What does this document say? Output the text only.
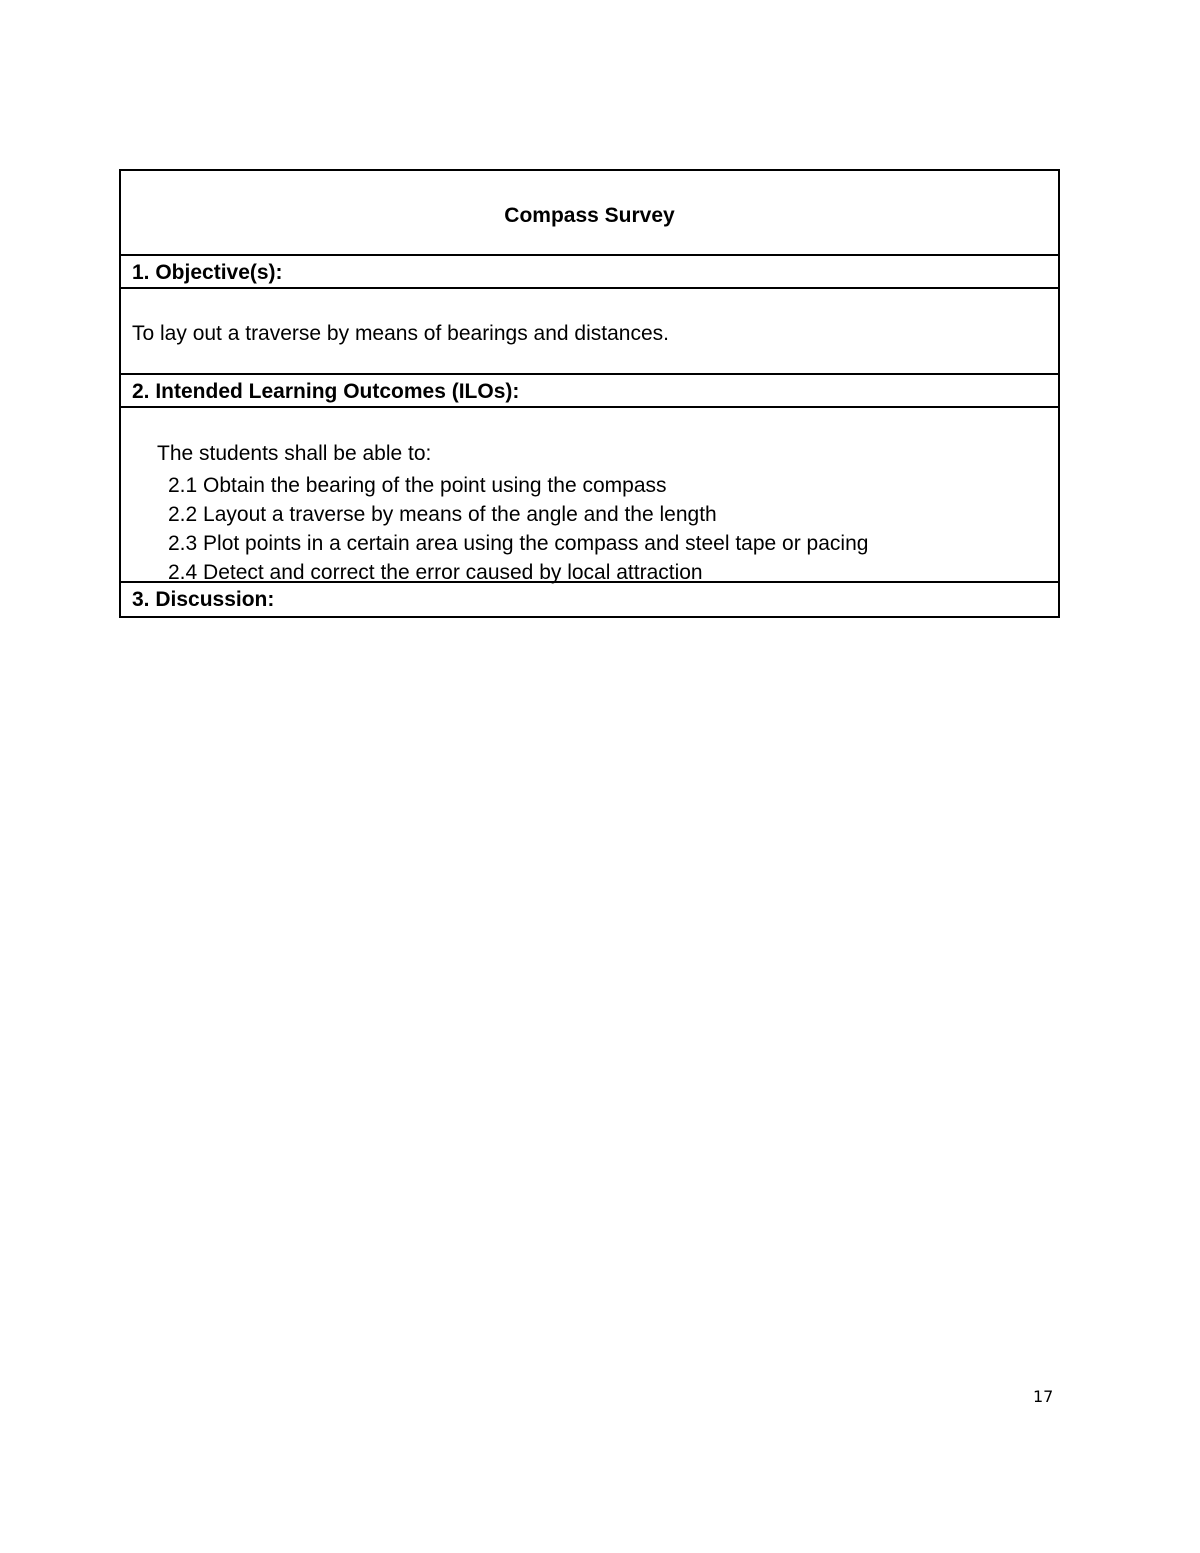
Compass Survey
1. Objective(s):
To lay out a traverse by means of bearings and distances.
2. Intended Learning Outcomes (ILOs):
The students shall be able to:
2.1 Obtain the bearing of the point using the compass
2.2 Layout a traverse by means of the angle and the length
2.3 Plot points in a certain area using the compass and steel tape or pacing
2.4 Detect and correct the error caused by local attraction
3. Discussion:
17
